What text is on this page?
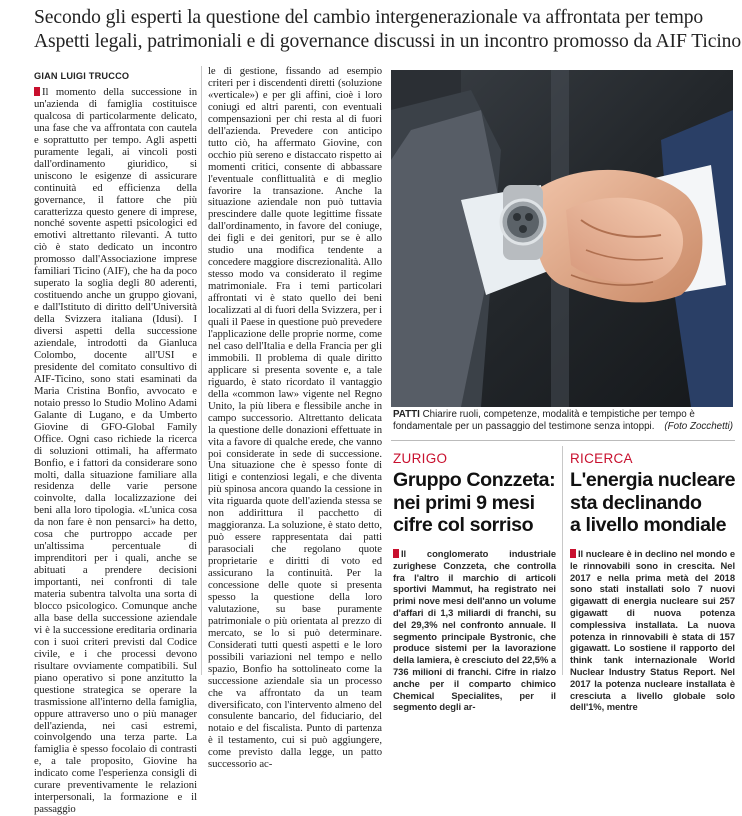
Secondo gli esperti la questione del cambio intergenerazionale va affrontata per tempo
Aspetti legali, patrimoniali e di governance discussi in un incontro promosso da AIF Ticino
GIAN LUIGI TRUCCO

Il momento della successione in un'azienda di famiglia costituisce qualcosa di particolarmente delicato, una fase che va affrontata con cautela e soprattutto per tempo. Agli aspetti puramente legali, ai vincoli posti dall'ordinamento giuridico, si uniscono le esigenze di assicurare continuità ed efficienza della governance, il fattore che più caratterizza questo genere di imprese, nonché sovente aspetti psicologici ed emotivi altrettanto rilevanti. A tutto ciò è stato dedicato un incontro promosso dall'Associazione imprese familiari Ticino (AIF), che ha da poco superato la soglia degli 80 aderenti, costituendo anche un gruppo giovani, e dall'Istituto di diritto dell'Università della Svizzera italiana (Idusi). I diversi aspetti della successione aziendale, introdotti da Gianluca Colombo, docente all'USI e presidente del comitato consultivo di AIF-Ticino, sono stati esaminati da Maria Cristina Bonfio, avvocato e notaio presso lo Studio Molino Adami Galante di Lugano, e da Umberto Giovine di GFO-Global Family Office. Ogni caso richiede la ricerca di soluzioni ottimali, ha affermato Bonfio, e i fattori da considerare sono molti, dalla situazione familiare alla residenza delle varie persone coinvolte, dalla localizzazione dei beni alla loro tipologia. «L'unica cosa da non fare è non pensarci» ha detto, cosa che purtroppo accade per un'altissima percentuale di imprenditori per i quali, anche se abituati a prendere decisioni importanti, nei confronti di tale materia subentra talvolta una sorta di blocco psicologico. Comunque anche alla base della successione aziendale vi è la successione ereditaria ordinaria con i suoi criteri previsti dal Codice civile, e i che processi devono risultare ovviamente compatibili. Sul piano operativo si pone anzitutto la questione strategica se operare la trasmissione all'interno della famiglia, oppure attraverso uno o più manager dell'azienda, nei casi estremi, coinvolgendo una terza parte. La famiglia è spesso focolaio di contrasti e, a tale proposito, Giovine ha indicato come l'esperienza consigli di curare preventivamente le relazioni interpersonali, la formazione e il passaggio

le di gestione, fissando ad esempio criteri per i discendenti diretti (soluzione «verticale») e per gli affini, cioè i loro coniugi ed altri parenti, con eventuali compensazioni per chi resta al di fuori dell'azienda. Prevedere con anticipo tutto ciò, ha affermato Giovine, con occhio più sereno e distaccato rispetto ai momenti critici, consente di abbassare l'eventuale conflittualità e di meglio favorire la transazione. Anche la situazione aziendale non può tuttavia prescindere dalle quote legittime fissate dall'ordinamento, in favore del coniuge, dei figli e dei genitori, pur se è allo studio una modifica tendente a concedere maggiore discrezionalità. Allo stesso modo va considerato il regime matrimoniale. Fra i temi particolari affrontati vi è stato quello dei beni localizzati al di fuori della Svizzera, per i quali il Paese in questione può prevedere l'applicazione delle proprie norme, come nel caso dell'Italia e della Francia per gli immobili. Il problema di quale diritto applicare si presenta sovente e, a tale riguardo, è stato ricordato il vantaggio della «common law» vigente nel Regno Unito, la più libera e flessibile anche in campo successorio. Altrettanto delicata la questione delle donazioni effettuate in vita a favore di qualche erede, che vanno poi considerate in sede di successione. Una situazione che è spesso fonte di litigi e contenziosi legali, e che diventa più spinosa ancora quando la cessione in vita riguarda quote dell'azienda stessa se non addirittura il pacchetto di maggioranza. La soluzione, è stato detto, può essere rappresentata dai patti parasociali che regolano quote proprietarie e diritti di voto ed assicurano la continuità. Per la concessione delle quote si presenta spesso la questione della loro valutazione, su base puramente patrimoniale o più orientata al prezzo di mercato, se lo si può determinare. Considerati tutti questi aspetti e le loro possibili variazioni nel tempo e nello spazio, Bonfio ha sottolineato come la successione aziendale sia un processo che va affrontato da un team diversificato, con l'intervento almeno del consulente bancario, del fiduciario, del notaio e del fiscalista. Punto di partenza è il testamento, cui si può aggiungere, come previsto dalla legge, un patto successorio ac-

PATTI Chiarire ruoli, competenze, modalità e tempistiche per tempo è fondamentale per un passaggio del testimone senza intoppi. (Foto Zocchetti)
ZURIGO
Gruppo Conzzeta:
nei primi 9 mesi
cifre col sorriso

Il conglomerato industriale zurighese Conzzeta, che controlla fra l'altro il marchio di articoli sportivi Mammut, ha registrato nei primi nove mesi dell'anno un volume d'affari di 1,3 miliardi di franchi, su del 29,3% nel confronto annuale. Il segmento principale Bystronic, che produce sistemi per la lavorazione della lamiera, è cresciuto del 22,5% a 736 milioni di franchi. Cifre in rialzo anche per il comparto chimico Chemical Specialites, per il segmento degli ar-

RICERCA
L'energia nucleare
sta declinando
a livello mondiale

Il nucleare è in declino nel mondo e le rinnovabili sono in crescita. Nel 2017 e nella prima metà del 2018 sono stati installati solo 7 nuovi gigawatt di energia nucleare sui 257 gigawatt di nuova potenza complessiva installata. La nuova potenza in rinnovabili è stata di 157 gigawatt. Lo sostiene il rapporto del think tank internazionale World Nuclear Industry Status Report. Nel 2017 la potenza nucleare installata è cresciuta a livello globale solo dell'1%, mentre
